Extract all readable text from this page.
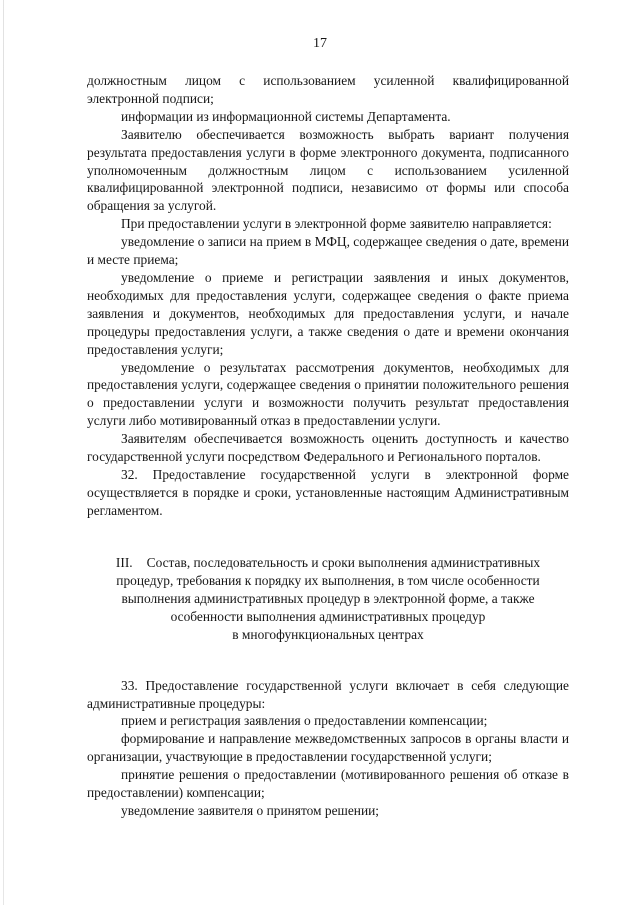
17

должностным лицом с использованием усиленной квалифицированной электронной подписи;

информации из информационной системы Департамента.

Заявителю обеспечивается возможность выбрать вариант получения результата предоставления услуги в форме электронного документа, подписанного уполномоченным должностным лицом с использованием усиленной квалифицированной электронной подписи, независимо от формы или способа обращения за услугой.

При предоставлении услуги в электронной форме заявителю направляется:

уведомление о записи на прием в МФЦ, содержащее сведения о дате, времени и месте приема;

уведомление о приеме и регистрации заявления и иных документов, необходимых для предоставления услуги, содержащее сведения о факте приема заявления и документов, необходимых для предоставления услуги, и начале процедуры предоставления услуги, а также сведения о дате и времени окончания предоставления услуги;

уведомление о результатах рассмотрения документов, необходимых для предоставления услуги, содержащее сведения о принятии положительного решения о предоставлении услуги и возможности получить результат предоставления услуги либо мотивированный отказ в предоставлении услуги.

Заявителям обеспечивается возможность оценить доступность и качество государственной услуги посредством Федерального и Регионального порталов.

32. Предоставление государственной услуги в электронной форме осуществляется в порядке и сроки, установленные настоящим Административным регламентом.

III. Состав, последовательность и сроки выполнения административных
процедур, требования к порядку их выполнения, в том числе особенности
выполнения административных процедур в электронной форме, а также
особенности выполнения административных процедур
в многофункциональных центрах

33. Предоставление государственной услуги включает в себя следующие административные процедуры:

прием и регистрация заявления о предоставлении компенсации;

формирование и направление межведомственных запросов в органы власти и организации, участвующие в предоставлении государственной услуги;

принятие решения о предоставлении (мотивированного решения об отказе в предоставлении) компенсации;

уведомление заявителя о принятом решении;
